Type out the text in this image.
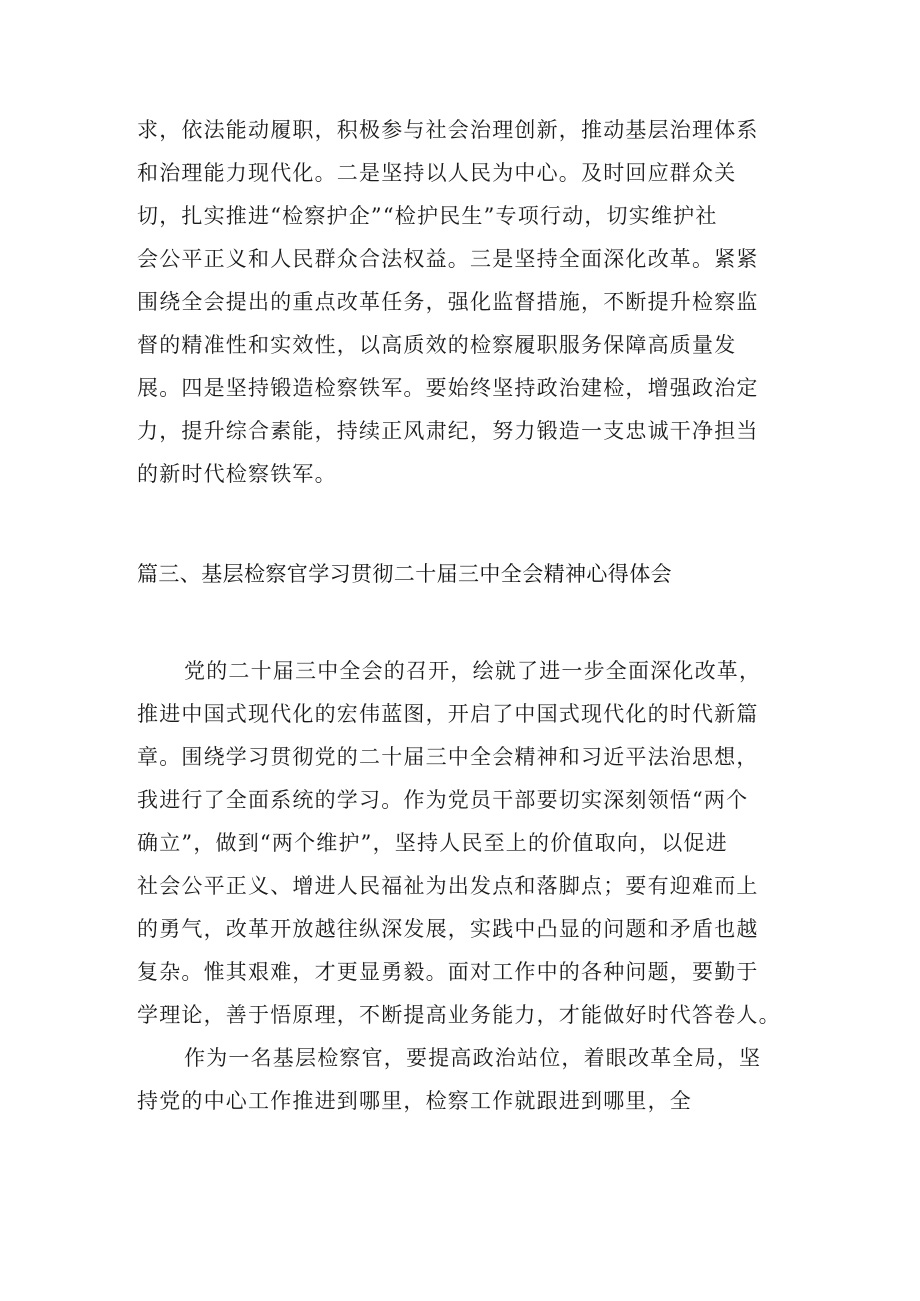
求，依法能动履职，积极参与社会治理创新，推动基层治理体系
和治理能力现代化。二是坚持以人民为中心。及时回应群众关
切，扎实推进“检察护企”“检护民生”专项行动，切实维护社
会公平正义和人民群众合法权益。三是坚持全面深化改革。紧紧
围绕全会提出的重点改革任务，强化监督措施，不断提升检察监
督的精准性和实效性，以高质效的检察履职服务保障高质量发
展。四是坚持锻造检察铁军。要始终坚持政治建检，增强政治定
力，提升综合素能，持续正风肃纪，努力锻造一支忠诚干净担当
的新时代检察铁军。
篇三、基层检察官学习贯彻二十届三中全会精神心得体会
党的二十届三中全会的召开，绘就了进一步全面深化改革，
推进中国式现代化的宏伟蓝图，开启了中国式现代化的时代新篇
章。围绕学习贯彻党的二十届三中全会精神和习近平法治思想，
我进行了全面系统的学习。作为党员干部要切实深刻领悟“两个
确立”，做到“两个维护”，坚持人民至上的价值取向，以促进
社会公平正义、增进人民福祉为出发点和落脚点；要有迎难而上
的勇气，改革开放越往纵深发展，实践中凸显的问题和矛盾也越
复杂。惟其艰难，才更显勇毅。面对工作中的各种问题，要勤于
学理论，善于悟原理，不断提高业务能力，才能做好时代答卷人。
作为一名基层检察官，要提高政治站位，着眼改革全局，坚
持党的中心工作推进到哪里，检察工作就跟进到哪里，全
